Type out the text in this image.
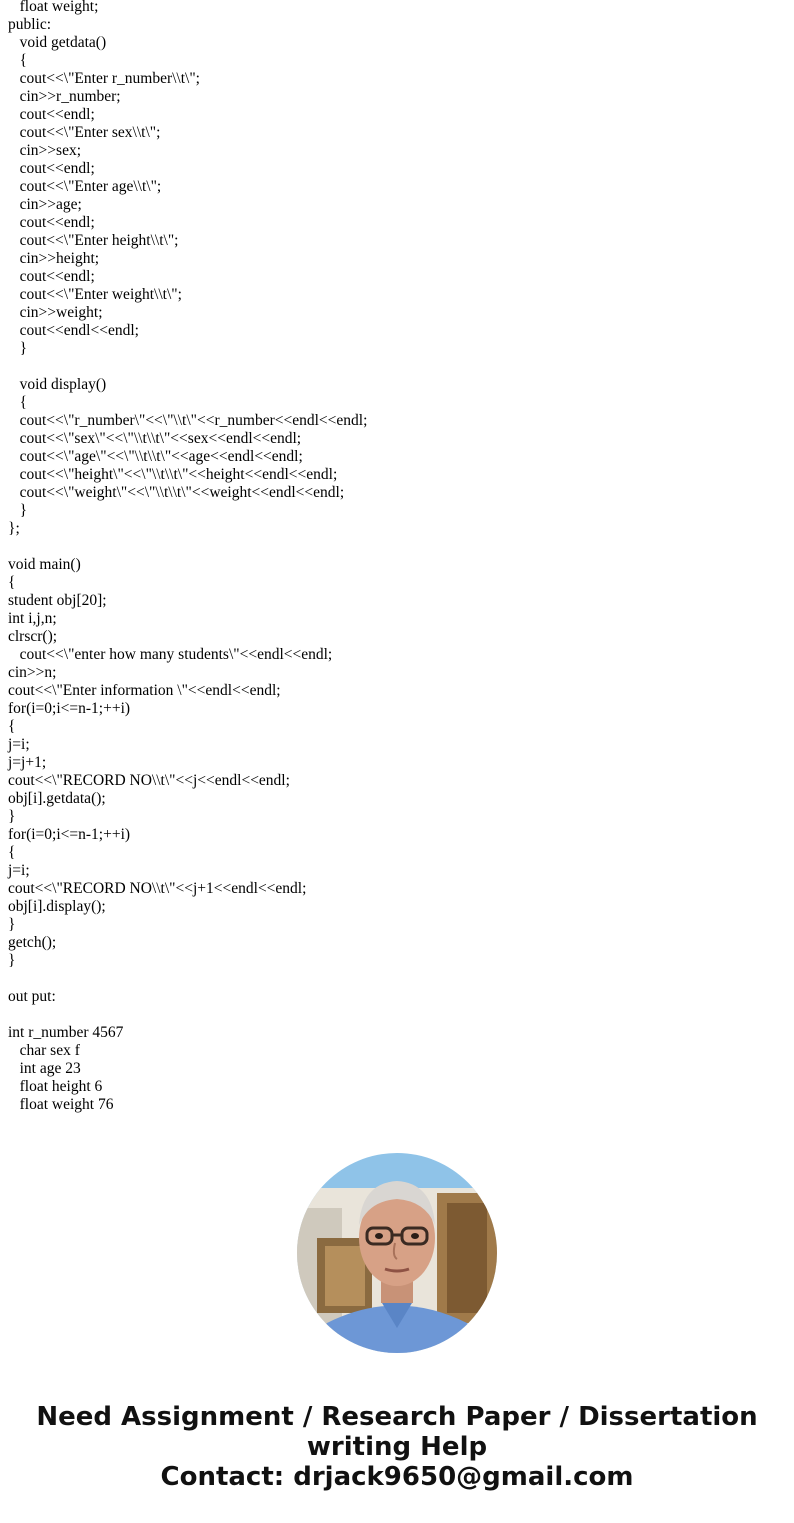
float weight;
public:
void getdata()
{
cout<<\"Enter r_number\\t\";
cin>>r_number;
cout<<endl;
cout<<\"Enter sex\\t\";
cin>>sex;
cout<<endl;
cout<<\"Enter age\\t\";
cin>>age;
cout<<endl;
cout<<\"Enter height\\t\";
cin>>height;
cout<<endl;
cout<<\"Enter weight\\t\";
cin>>weight;
cout<<endl<<endl;
}
void display()
{
cout<<\"r_number\"<<\"\\t\"<<r_number<<endl<<endl;
cout<<\"sex\"<<\"\\t\\t\"<<sex<<endl<<endl;
cout<<\"age\"<<\"\\t\\t\"<<age<<endl<<endl;
cout<<\"height\"<<\"\\t\\t\"<<height<<endl<<endl;
cout<<\"weight\"<<\"\\t\\t\"<<weight<<endl<<endl;
}
};
void main()
{
student obj[20];
int i,j,n;
clrscr();
cout<<\"enter how many students\"<<endl<<endl;
cin>>n;
cout<<\"Enter information \"<<endl<<endl;
for(i=0;i<=n-1;++i)
{
j=i;
j=j+1;
cout<<\"RECORD NO\\t\"<<j<<endl<<endl;
obj[i].getdata();
}
for(i=0;i<=n-1;++i)
{
j=i;
cout<<\"RECORD NO\\t\"<<j+1<<endl<<endl;
obj[i].display();
}
getch();
}
out put:
int r_number 4567
char sex f
int age 23
float height 6
float weight 76
Need Assignment / Research Paper / Dissertation
writing Help
Contact: drjack9650@gmail.com
